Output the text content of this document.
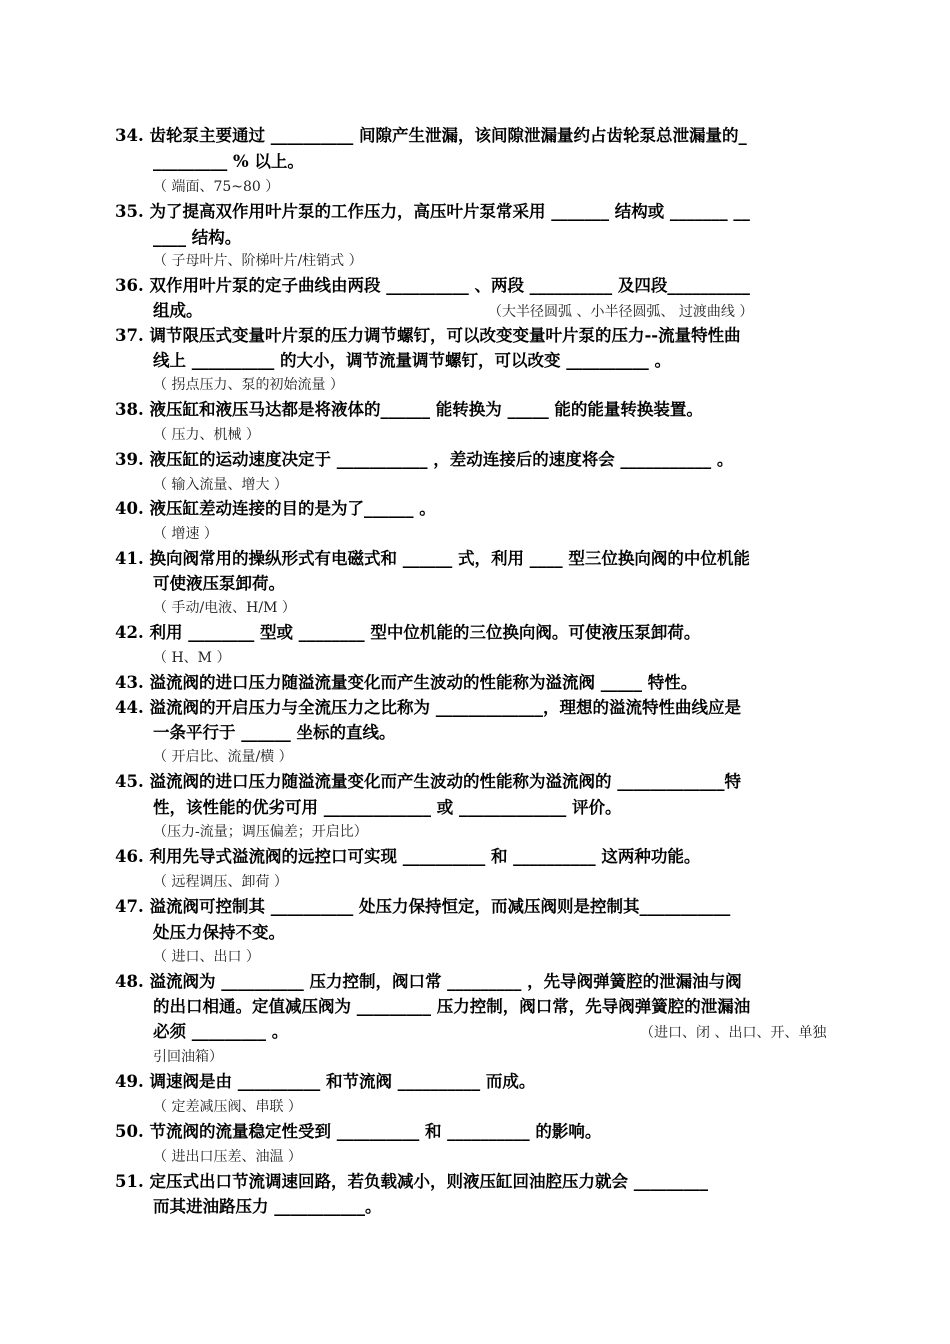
34. 齿轮泵主要通过 __________ 间隙产生泄漏，该间隙泄漏量约占齿轮泵总泄漏量的_
_________ % 以上。
（ 端面、75~80 ）
35. 为了提高双作用叶片泵的工作压力，高压叶片泵常采用 _______ 结构或 _______ __
____ 结构。
（ 子母叶片、阶梯叶片/柱销式 ）
36. 双作用叶片泵的定子曲线由两段 __________ 、两段 __________ 及四段__________
组成。	（大半径圆弧 、小半径圆弧、 过渡曲线 ）
37. 调节限压式变量叶片泵的压力调节螺钉，可以改变变量叶片泵的压力--流量特性曲
线上 __________ 的大小，调节流量调节螺钉，可以改变 __________ 。
（ 拐点压力、泵的初始流量 ）
38. 液压缸和液压马达都是将液体的______ 能转换为 _____ 能的能量转换装置。
（ 压力、机械 ）
39. 液压缸的运动速度决定于 ___________ ，差动连接后的速度将会 ___________ 。
（ 输入流量、增大 ）
40. 液压缸差动连接的目的是为了______ 。
（ 增速 ）
41. 换向阀常用的操纵形式有电磁式和 ______ 式，利用 ____ 型三位换向阀的中位机能
可使液压泵卸荷。
（ 手动/电液、H/M ）
42. 利用 ________ 型或 ________ 型中位机能的三位换向阀。可使液压泵卸荷。
（ H、M ）
43. 溢流阀的进口压力随溢流量变化而产生波动的性能称为溢流阀 _____ 特性。
44. 溢流阀的开启压力与全流压力之比称为 _____________，理想的溢流特性曲线应是
一条平行于 ______ 坐标的直线。
（ 开启比、流量/横 ）
45. 溢流阀的进口压力随溢流量变化而产生波动的性能称为溢流阀的 _____________特
性，该性能的优劣可用 _____________ 或 _____________ 评价。
（压力-流量；调压偏差；开启比）
46. 利用先导式溢流阀的远控口可实现 __________ 和 __________ 这两种功能。
（ 远程调压、卸荷 ）
47. 溢流阀可控制其 __________ 处压力保持恒定，而减压阀则是控制其___________
处压力保持不变。
（ 进口、出口 ）
48. 溢流阀为 __________ 压力控制，阀口常 _________ ，先导阀弹簧腔的泄漏油与阀
的出口相通。定值减压阀为 _________ 压力控制，阀口常，先导阀弹簧腔的泄漏油
必须 _________ 。	（进口、闭 、出口、开、单独
引回油箱）
49. 调速阀是由 __________ 和节流阀 __________ 而成。
（ 定差减压阀、串联 ）
50. 节流阀的流量稳定性受到 __________ 和 __________ 的影响。
（ 进出口压差、油温 ）
51. 定压式出口节流调速回路，若负载减小，则液压缸回油腔压力就会 _________
而其进油路压力 ___________。
